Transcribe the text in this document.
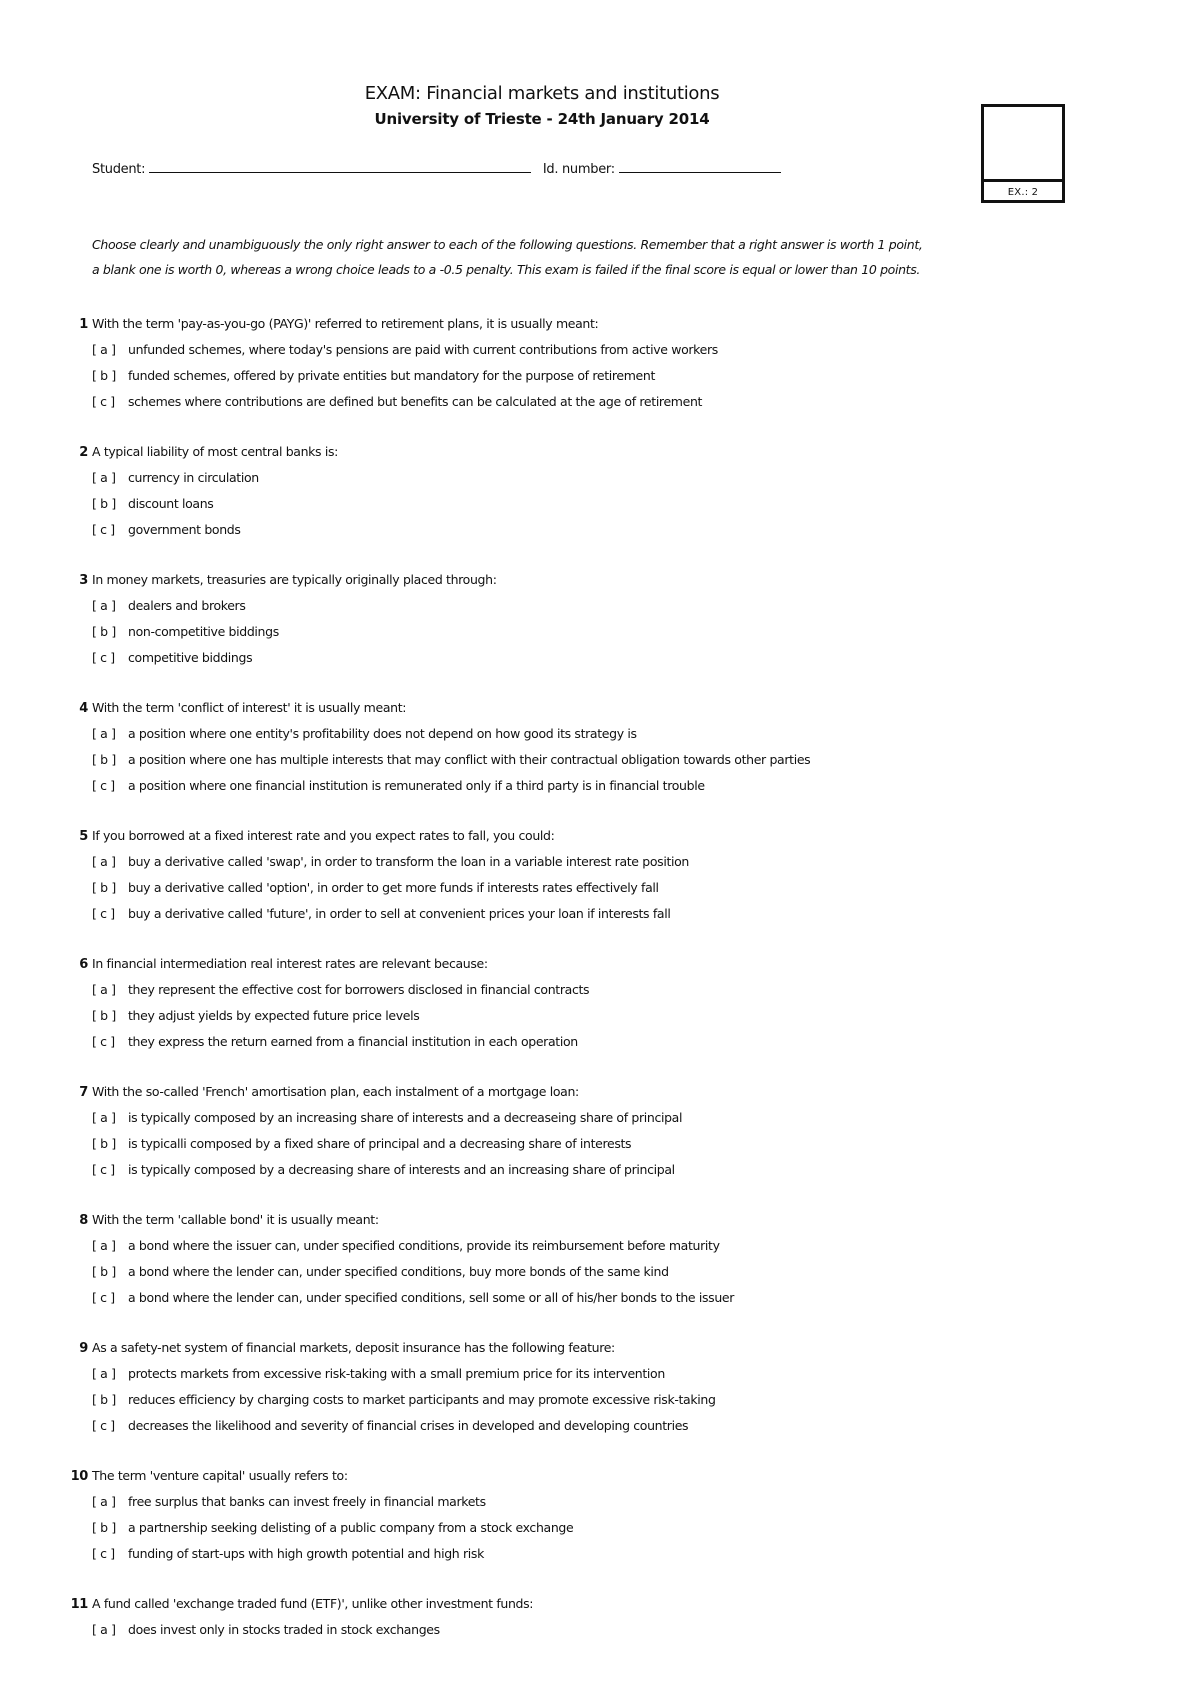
EXAM: Financial markets and institutions
University of Trieste - 24th January 2014
Student:	Id. number:
EX.: 2
Choose clearly and unambiguously the only right answer to each of the following questions. Remember that a right answer is worth 1 point,
a blank one is worth 0, whereas a wrong choice leads to a -0.5 penalty. This exam is failed if the final score is equal or lower than 10 points.
1 With the term 'pay-as-you-go (PAYG)' referred to retirement plans, it is usually meant:
[ a ] unfunded schemes, where today's pensions are paid with current contributions from active workers
[ b ] funded schemes, offered by private entities but mandatory for the purpose of retirement
[ c ] schemes where contributions are defined but benefits can be calculated at the age of retirement
2 A typical liability of most central banks is:
[ a ] currency in circulation
[ b ] discount loans
[ c ] government bonds
3 In money markets, treasuries are typically originally placed through:
[ a ] dealers and brokers
[ b ] non-competitive biddings
[ c ] competitive biddings
4 With the term 'conflict of interest' it is usually meant:
[ a ] a position where one entity's profitability does not depend on how good its strategy is
[ b ] a position where one has multiple interests that may conflict with their contractual obligation towards other parties
[ c ] a position where one financial institution is remunerated only if a third party is in financial trouble
5 If you borrowed at a fixed interest rate and you expect rates to fall, you could:
[ a ] buy a derivative called 'swap', in order to transform the loan in a variable interest rate position
[ b ] buy a derivative called 'option', in order to get more funds if interests rates effectively fall
[ c ] buy a derivative called 'future', in order to sell at convenient prices your loan if interests fall
6 In financial intermediation real interest rates are relevant because:
[ a ] they represent the effective cost for borrowers disclosed in financial contracts
[ b ] they adjust yields by expected future price levels
[ c ] they express the return earned from a financial institution in each operation
7 With the so-called 'French' amortisation plan, each instalment of a mortgage loan:
[ a ] is typically composed by an increasing share of interests and a decreaseing share of principal
[ b ] is typicalli composed by a fixed share of principal and a decreasing share of interests
[ c ] is typically composed by a decreasing share of interests and an increasing share of principal
8 With the term 'callable bond' it is usually meant:
[ a ] a bond where the issuer can, under specified conditions, provide its reimbursement before maturity
[ b ] a bond where the lender can, under specified conditions, buy more bonds of the same kind
[ c ] a bond where the lender can, under specified conditions, sell some or all of his/her bonds to the issuer
9 As a safety-net system of financial markets, deposit insurance has the following feature:
[ a ] protects markets from excessive risk-taking with a small premium price for its intervention
[ b ] reduces efficiency by charging costs to market participants and may promote excessive risk-taking
[ c ] decreases the likelihood and severity of financial crises in developed and developing countries
10 The term 'venture capital' usually refers to:
[ a ] free surplus that banks can invest freely in financial markets
[ b ] a partnership seeking delisting of a public company from a stock exchange
[ c ] funding of start-ups with high growth potential and high risk
11 A fund called 'exchange traded fund (ETF)', unlike other investment funds:
[ a ] does invest only in stocks traded in stock exchanges
